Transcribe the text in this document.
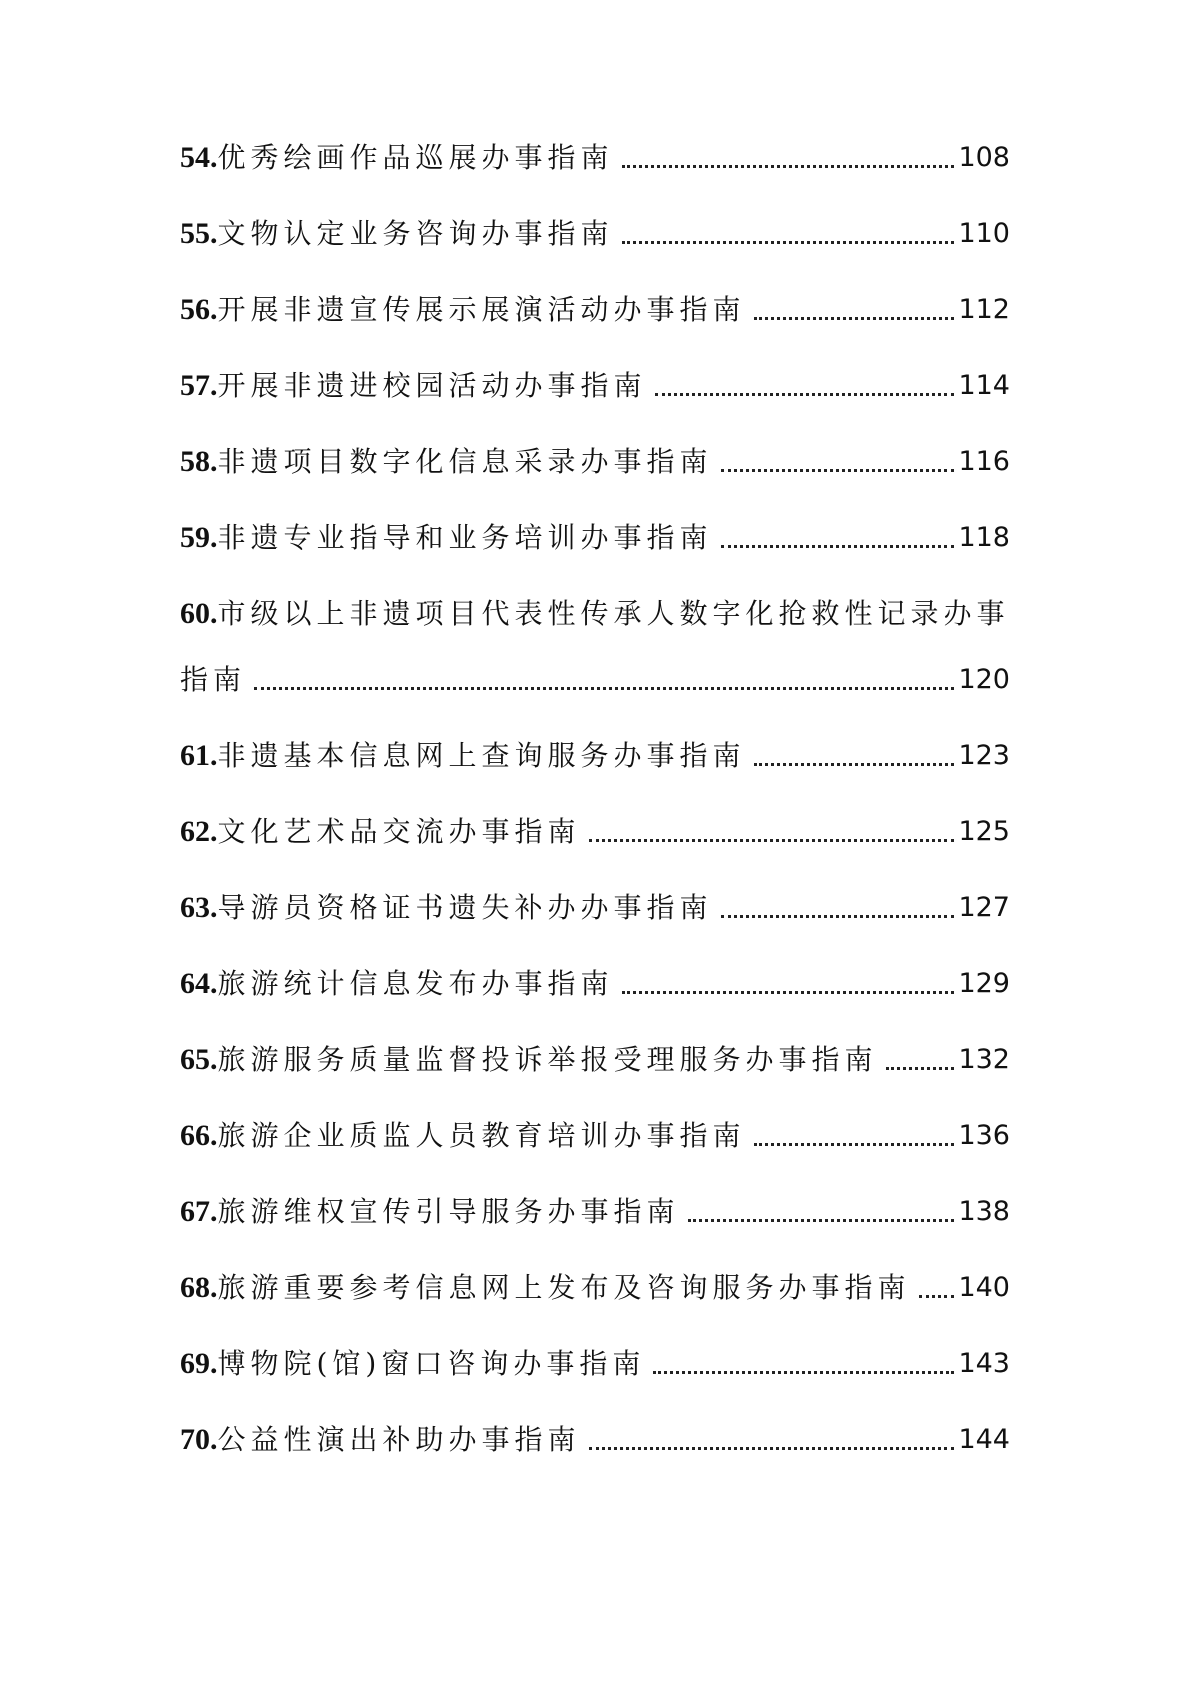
54. 优秀绘画作品巡展办事指南	108
55. 文物认定业务咨询办事指南	110
56. 开展非遗宣传展示展演活动办事指南	112
57. 开展非遗进校园活动办事指南	114
58. 非遗项目数字化信息采录办事指南	116
59. 非遗专业指导和业务培训办事指南	118
60.市级以上非遗项目代表性传承人数字化抢救性记录办事
指南	120
61. 非遗基本信息网上查询服务办事指南	123
62. 文化艺术品交流办事指南	125
63. 导游员资格证书遗失补办办事指南	127
64. 旅游统计信息发布办事指南	129
65. 旅游服务质量监督投诉举报受理服务办事指南	132
66. 旅游企业质监人员教育培训办事指南	136
67. 旅游维权宣传引导服务办事指南	138
68. 旅游重要参考信息网上发布及咨询服务办事指南 140
69. 博物院(馆)窗口咨询办事指南	143
70. 公益性演出补助办事指南	144
